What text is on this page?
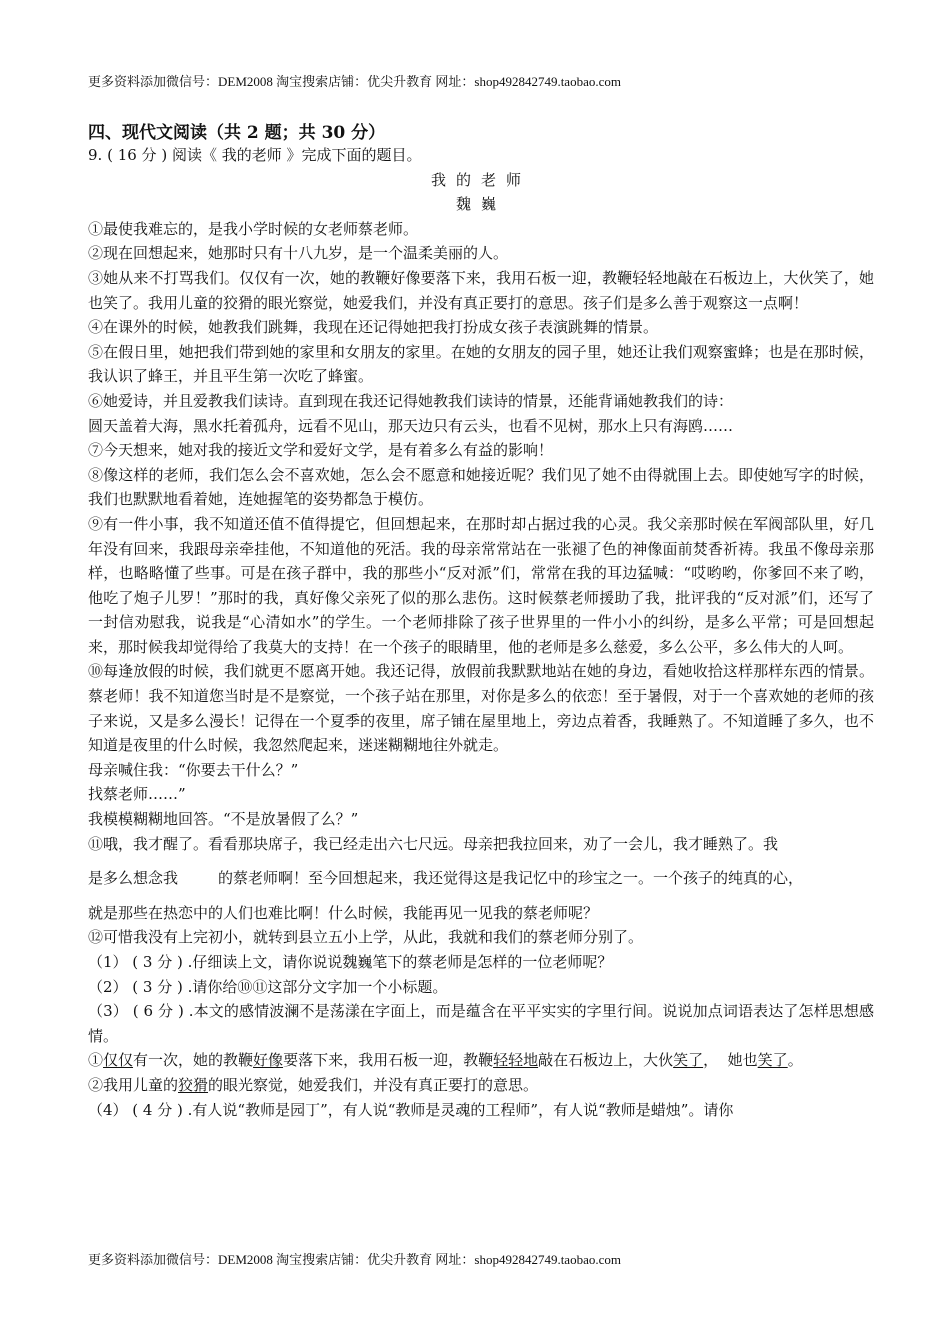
更多资料添加微信号：DEM2008 淘宝搜索店铺：优尖升教育 网址：shop492842749.taobao.com
四、现代文阅读（共 2 题；共 30 分）

9. ( 16 分 ) 阅读《 我的老师 》完成下面的题目。

我的老师

魏巍

①最使我难忘的，是我小学时候的女老师蔡老师。

②现在回想起来，她那时只有十八九岁，是一个温柔美丽的人。

③她从来不打骂我们。仅仅有一次，她的教鞭好像要落下来，我用石板一迎，教鞭轻轻地敲在石板边上，大伙笑了，她也笑了。我用儿童的狡猾的眼光察觉，她爱我们，并没有真正要打的意思。孩子们是多么善于观察这一点啊！

④在课外的时候，她教我们跳舞，我现在还记得她把我打扮成女孩子表演跳舞的情景。

⑤在假日里，她把我们带到她的家里和女朋友的家里。在她的女朋友的园子里，她还让我们观察蜜蜂；也是在那时候，我认识了蜂王，并且平生第一次吃了蜂蜜。

⑥她爱诗，并且爱教我们读诗。直到现在我还记得她教我们读诗的情景，还能背诵她教我们的诗：

圆天盖着大海，黑水托着孤舟，远看不见山，那天边只有云头，也看不见树，那水上只有海鸥……

⑦今天想来，她对我的接近文学和爱好文学，是有着多么有益的影响！

⑧像这样的老师，我们怎么会不喜欢她，怎么会不愿意和她接近呢？我们见了她不由得就围上去。即使她写字的时候，我们也默默地看着她，连她握笔的姿势都急于模仿。

⑨有一件小事，我不知道还值不值得提它，但回想起来，在那时却占据过我的心灵。我父亲那时候在军阀部队里，好几年没有回来，我跟母亲牵挂他，不知道他的死活。我的母亲常常站在一张褪了色的神像面前焚香祈祷。我虽不像母亲那样，也略略懂了些事。可是在孩子群中，我的那些小“反对派”们，常常在我的耳边猛喊：“哎哟哟，你爹回不来了哟，他吃了炮子儿罗！”那时的我，真好像父亲死了似的那么悲伤。这时候蔡老师援助了我，批评我的“反对派”们，还写了一封信劝慰我，说我是“心清如水”的学生。一个老师排除了孩子世界里的一件小小的纠纷，是多么平常；可是回想起来，那时候我却觉得给了我莫大的支持！在一个孩子的眼睛里，他的老师是多么慈爱，多么公平，多么伟大的人呵。

⑩每逢放假的时候，我们就更不愿离开她。我还记得，放假前我默默地站在她的身边，看她收拾这样那样东西的情景。蔡老师！我不知道您当时是不是察觉，一个孩子站在那里，对你是多么的依恋！至于暑假，对于一个喜欢她的老师的孩子来说，又是多么漫长！记得在一个夏季的夜里，席子铺在屋里地上，旁边点着香，我睡熟了。不知道睡了多久，也不知道是夜里的什么时候，我忽然爬起来，迷迷糊糊地往外就走。

母亲喊住我：“你要去干什么？”

找蔡老师……”

我模模糊糊地回答。“不是放暑假了么？”

⑪哦，我才醒了。看看那块席子，我已经走出六七尺远。母亲把我拉回来，劝了一会儿，我才睡熟了。我

是多么想念我	的蔡老师啊！至今回想起来，我还觉得这是我记忆中的珍宝之一。一个孩子的纯真的心，

就是那些在热恋中的人们也难比啊！什么时候，我能再见一见我的蔡老师呢？

⑫可惜我没有上完初小，就转到县立五小上学，从此，我就和我们的蔡老师分别了。

（1） ( 3 分 ) .仔细读上文，请你说说魏巍笔下的蔡老师是怎样的一位老师呢？

（2） ( 3 分 ) .请你给⑩⑪这部分文字加一个小标题。

（3） ( 6 分 ) .本文的感情波澜不是荡漾在字面上，而是蕴含在平平实实的字里行间。说说加点词语表达了怎样思想感情。

①仅仅有一次，她的教鞭好像要落下来，我用石板一迎，教鞭轻轻地敲在石板边上，大伙笑了，  她也笑了。

②我用儿童的狡猾的眼光察觉，她爱我们，并没有真正要打的意思。

（4） ( 4 分 ) .有人说“教师是园丁”，有人说“教师是灵魂的工程师”，有人说“教师是蜡烛”。请你

更多资料添加微信号：DEM2008 淘宝搜索店铺：优尖升教育 网址：shop492842749.taobao.com
